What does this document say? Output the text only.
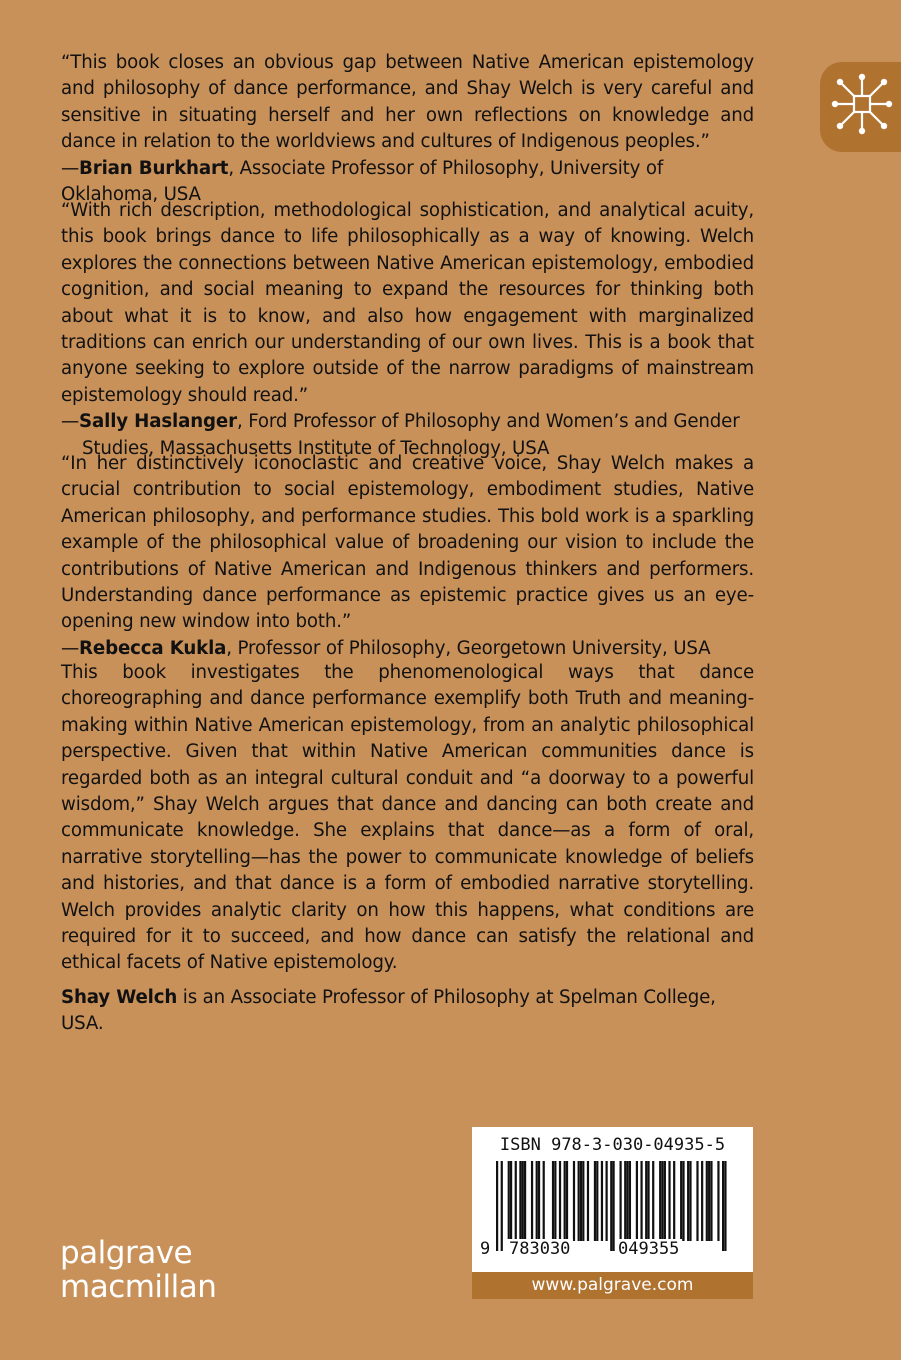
“This book closes an obvious gap between Native American epistemology and philosophy of dance performance, and Shay Welch is very careful and sensitive in situating herself and her own reflections on knowledge and dance in relation to the worldviews and cultures of Indigenous peoples.”

—Brian Burkhart, Associate Professor of Philosophy, University of Oklahoma, USA

“With rich description, methodological sophistication, and analytical acuity, this book brings dance to life philosophically as a way of knowing. Welch explores the connections between Native American epistemology, embodied cognition, and social meaning to expand the resources for thinking both about what it is to know, and also how engagement with marginalized traditions can enrich our understanding of our own lives. This is a book that anyone seeking to explore outside of the narrow paradigms of mainstream epistemology should read.”

—Sally Haslanger, Ford Professor of Philosophy and Women’s and Gender
Studies, Massachusetts Institute of Technology, USA

“In her distinctively iconoclastic and creative voice, Shay Welch makes a crucial contribution to social epistemology, embodiment studies, Native American philosophy, and performance studies. This bold work is a sparkling example of the philosophical value of broadening our vision to include the contributions of Native American and Indigenous thinkers and performers. Understanding dance performance as epistemic practice gives us an eye-opening new window into both.”

—Rebecca Kukla, Professor of Philosophy, Georgetown University, USA

This book investigates the phenomenological ways that dance choreographing and dance performance exemplify both Truth and meaning-making within Native American epistemology, from an analytic philosophical perspective. Given that within Native American communities dance is regarded both as an integral cultural conduit and “a doorway to a powerful wisdom,” Shay Welch argues that dance and dancing can both create and communicate knowledge. She explains that dance—as a form of oral, narrative storytelling—has the power to communicate knowledge of beliefs and histories, and that dance is a form of embodied narrative storytelling. Welch provides analytic clarity on how this happens, what conditions are required for it to succeed, and how dance can satisfy the relational and ethical facets of Native epistemology.

Shay Welch is an Associate Professor of Philosophy at Spelman College, USA.

palgrave
macmillan
ISBN 978-3-030-04935-5
9 783030	049355
www.palgrave.com
